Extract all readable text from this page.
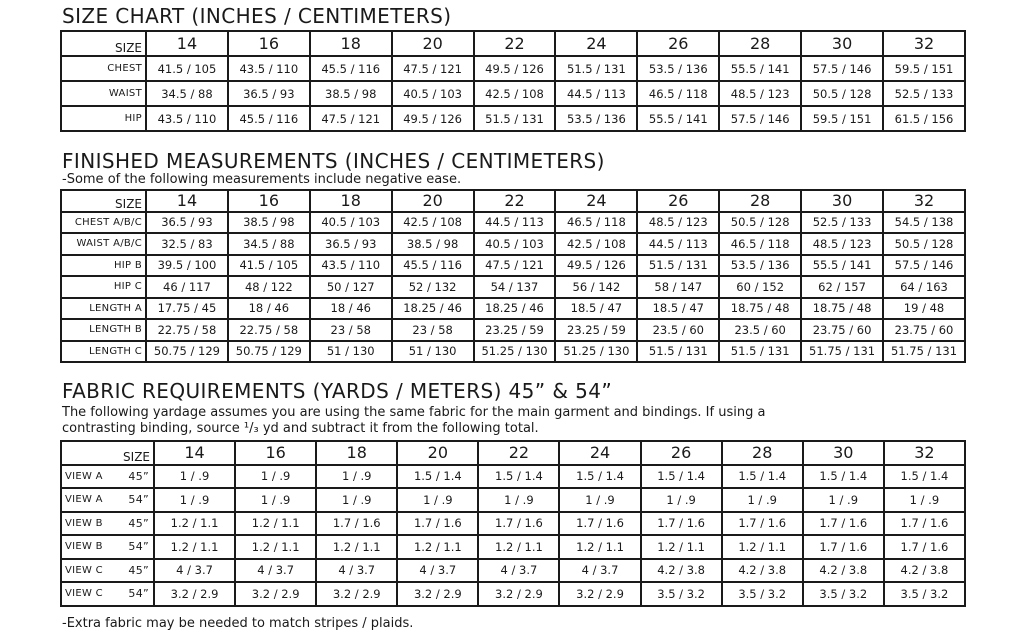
SIZE CHART (INCHES / CENTIMETERS)
SIZE	14	16	18	20	22	24	26	28	30	32
CHEST	41.5 / 105	43.5 / 110	45.5 / 116	47.5 / 121	49.5 / 126	51.5 / 131	53.5 / 136	55.5 / 141	57.5 / 146	59.5 / 151
WAIST	34.5 / 88	36.5 / 93	38.5 / 98	40.5 / 103	42.5 / 108	44.5 / 113	46.5 / 118	48.5 / 123	50.5 / 128	52.5 / 133
HIP	43.5 / 110	45.5 / 116	47.5 / 121	49.5 / 126	51.5 / 131	53.5 / 136	55.5 / 141	57.5 / 146	59.5 / 151	61.5 / 156
FINISHED MEASUREMENTS (INCHES / CENTIMETERS)

-Some of the following measurements include negative ease.

SIZE	14	16	18	20	22	24	26	28	30	32
CHEST A/B/C	36.5 / 93	38.5 / 98	40.5 / 103	42.5 / 108	44.5 / 113	46.5 / 118	48.5 / 123	50.5 / 128	52.5 / 133	54.5 / 138
WAIST A/B/C	32.5 / 83	34.5 / 88	36.5 / 93	38.5 / 98	40.5 / 103	42.5 / 108	44.5 / 113	46.5 / 118	48.5 / 123	50.5 / 128
HIP B	39.5 / 100	41.5 / 105	43.5 / 110	45.5 / 116	47.5 / 121	49.5 / 126	51.5 / 131	53.5 / 136	55.5 / 141	57.5 / 146
HIP C	46 / 117	48 / 122	50 / 127	52 / 132	54 / 137	56 / 142	58 / 147	60 / 152	62 / 157	64 / 163
LENGTH A	17.75 / 45	18 / 46	18 / 46	18.25 / 46	18.25 / 46	18.5 / 47	18.5 / 47	18.75 / 48	18.75 / 48	19 / 48
LENGTH B	22.75 / 58	22.75 / 58	23 / 58	23 / 58	23.25 / 59	23.25 / 59	23.5 / 60	23.5 / 60	23.75 / 60	23.75 / 60
LENGTH C	50.75 / 129	50.75 / 129	51 / 130	51 / 130	51.25 / 130	51.25 / 130	51.5 / 131	51.5 / 131	51.75 / 131	51.75 / 131
FABRIC REQUIREMENTS (YARDS / METERS) 45” & 54”

The following yardage assumes you are using the same fabric for the main garment and bindings. If using a

contrasting binding, source ¹/₃ yd and subtract it from the following total.

SIZE	14	16	18	20	22	24	26	28	30	32
VIEW A 45”	1 / .9	1 / .9	1 / .9	1.5 / 1.4	1.5 / 1.4	1.5 / 1.4	1.5 / 1.4	1.5 / 1.4	1.5 / 1.4	1.5 / 1.4
VIEW A 54”	1 / .9	1 / .9	1 / .9	1 / .9	1 / .9	1 / .9	1 / .9	1 / .9	1 / .9	1 / .9
VIEW B 45”	1.2 / 1.1	1.2 / 1.1	1.7 / 1.6	1.7 / 1.6	1.7 / 1.6	1.7 / 1.6	1.7 / 1.6	1.7 / 1.6	1.7 / 1.6	1.7 / 1.6
VIEW B 54”	1.2 / 1.1	1.2 / 1.1	1.2 / 1.1	1.2 / 1.1	1.2 / 1.1	1.2 / 1.1	1.2 / 1.1	1.2 / 1.1	1.7 / 1.6	1.7 / 1.6
VIEW C 45”	4 / 3.7	4 / 3.7	4 / 3.7	4 / 3.7	4 / 3.7	4 / 3.7	4.2 / 3.8	4.2 / 3.8	4.2 / 3.8	4.2 / 3.8
VIEW C 54”	3.2 / 2.9	3.2 / 2.9	3.2 / 2.9	3.2 / 2.9	3.2 / 2.9	3.2 / 2.9	3.5 / 3.2	3.5 / 3.2	3.5 / 3.2	3.5 / 3.2

-Extra fabric may be needed to match stripes / plaids.
